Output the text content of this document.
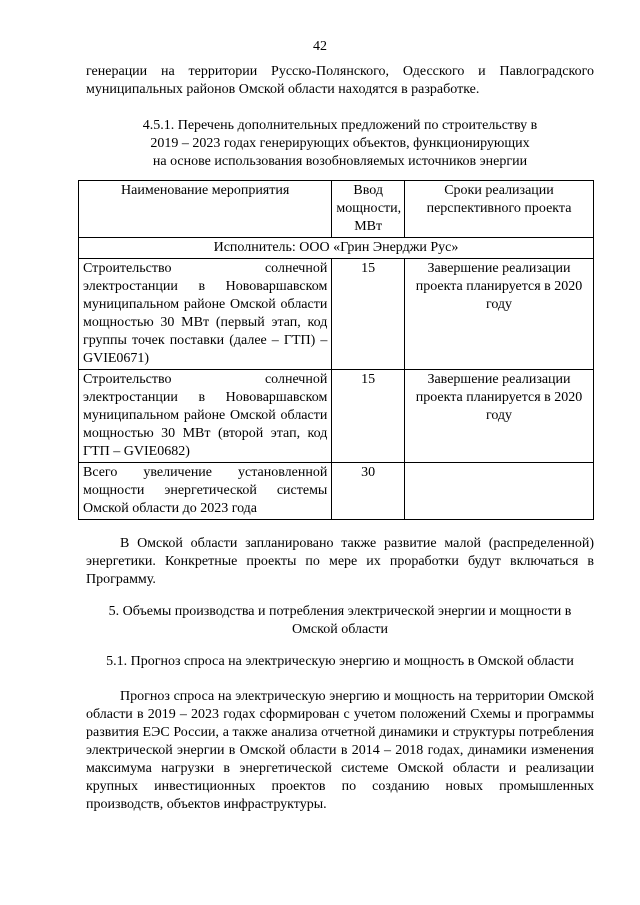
42
генерации на территории Русско-Полянского, Одесского и Павлоградского муниципальных районов Омской области находятся в разработке.
4.5.1. Перечень дополнительных предложений по строительству в
2019 – 2023 годах генерирующих объектов, функционирующих
на основе использования возобновляемых источников энергии
Наименование мероприятия	Ввод мощности, МВт	Сроки реализации перспективного проекта
Исполнитель: ООО «Грин Энерджи Рус»		
Строительство солнечной электростанции в Нововаршавском муниципальном районе Омской области мощностью 30 МВт (первый этап, код группы точек поставки (далее – ГТП) – GVIE0671)	15	Завершение реализации проекта планируется в 2020 году
Строительство солнечной электростанции в Нововаршавском муниципальном районе Омской области мощностью 30 МВт (второй этап, код ГТП – GVIE0682)	15	Завершение реализации проекта планируется в 2020 году
Всего увеличение установленной мощности энергетической системы Омской области до 2023 года	30	
В Омской области запланировано также развитие малой (распределенной) энергетики. Конкретные проекты по мере их проработки будут включаться в Программу.
5. Объемы производства и потребления электрической энергии и мощности в Омской области
5.1. Прогноз спроса на электрическую энергию и мощность в Омской области
Прогноз спроса на электрическую энергию и мощность на территории Омской области в 2019 – 2023 годах сформирован с учетом положений Схемы и программы развития ЕЭС России, а также анализа отчетной динамики и структуры потребления электрической энергии в Омской области в 2014 – 2018 годах, динамики изменения максимума нагрузки в энергетической системе Омской области и реализации крупных инвестиционных проектов по созданию новых промышленных производств, объектов инфраструктуры.
